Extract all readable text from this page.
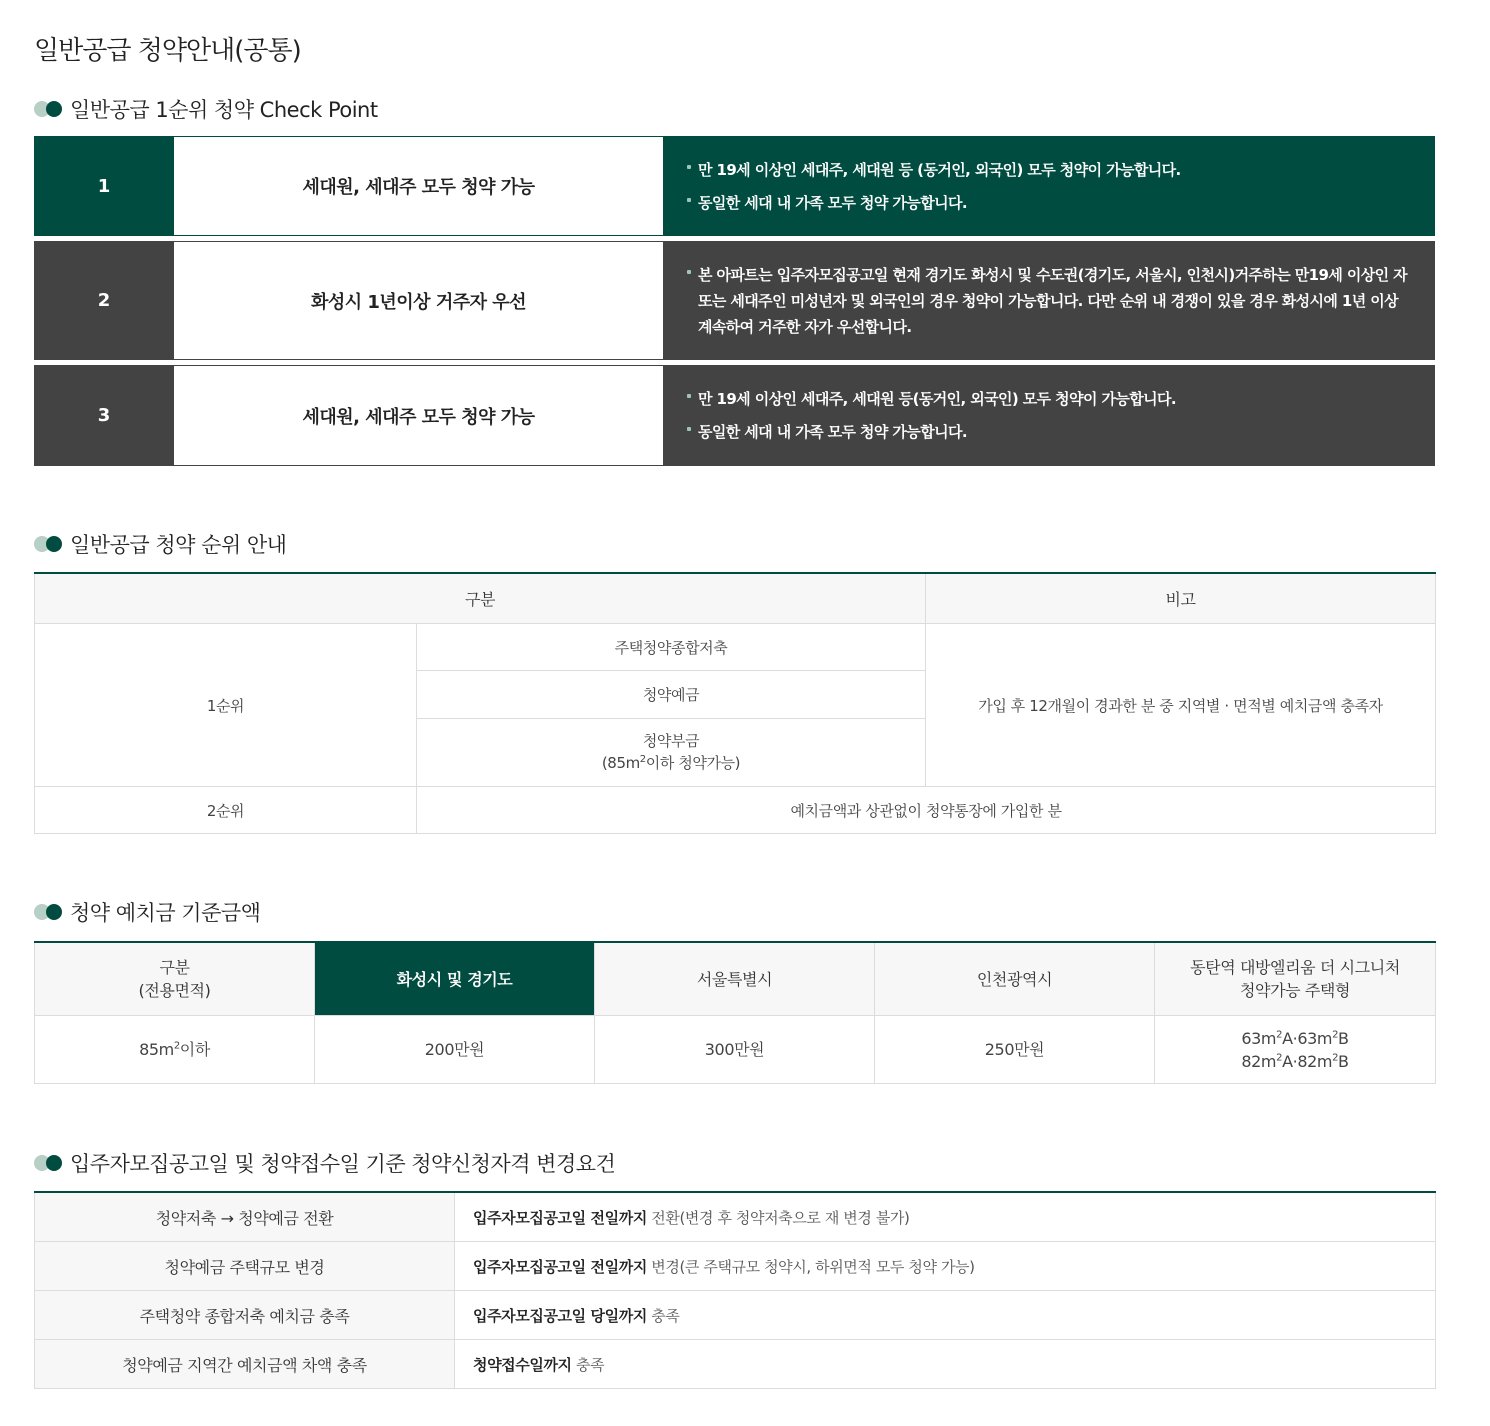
일반공급 청약안내(공통)
일반공급 1순위 청약 Check Point
1	세대원, 세대주 모두 청약 가능
만 19세 이상인 세대주, 세대원 등 (동거인, 외국인) 모두 청약이 가능합니다.
동일한 세대 내 가족 모두 청약 가능합니다.
2	화성시 1년이상 거주자 우선
본 아파트는 입주자모집공고일 현재 경기도 화성시 및 수도권(경기도, 서울시, 인천시)거주하는 만19세 이상인 자
또는 세대주인 미성년자 및 외국인의 경우 청약이 가능합니다. 다만 순위 내 경쟁이 있을 경우 화성시에 1년 이상
계속하여 거주한 자가 우선합니다.
3	세대원, 세대주 모두 청약 가능
만 19세 이상인 세대주, 세대원 등(동거인, 외국인) 모두 청약이 가능합니다.
동일한 세대 내 가족 모두 청약 가능합니다.
일반공급 청약 순위 안내
구분		비고
1순위	주택청약종합저축	가입 후 12개월이 경과한 분 중 지역별 · 면적별 예치금액 충족자
	청약예금	
	청약부금
($85m^2$이하 청약가능)	
2순위	예치금액과 상관없이 청약통장에 가입한 분	
청약 예치금 기준금액
구분
(전용면적)	화성시 및 경기도	서울특별시	인천광역시	동탄역 대방엘리움 더 시그니처
청약가능 주택형
$85m^2$이하	200만원	300만원	250만원	$63m^2A\cdot 63m^2B$
$82m^2A\cdot 82m^2B$
입주자모집공고일 및 청약접수일 기준 청약신청자격 변경요건
청약저축 → 청약예금 전환	입주자모집공고일 전일까지 전환(변경 후 청약저축으로 재 변경 불가)
청약예금 주택규모 변경	입주자모집공고일 전일까지 변경(큰 주택규모 청약시, 하위면적 모두 청약 가능)
주택청약 종합저축 예치금 충족	입주자모집공고일 당일까지 충족
청약예금 지역간 예치금액 차액 충족	청약접수일까지 충족
